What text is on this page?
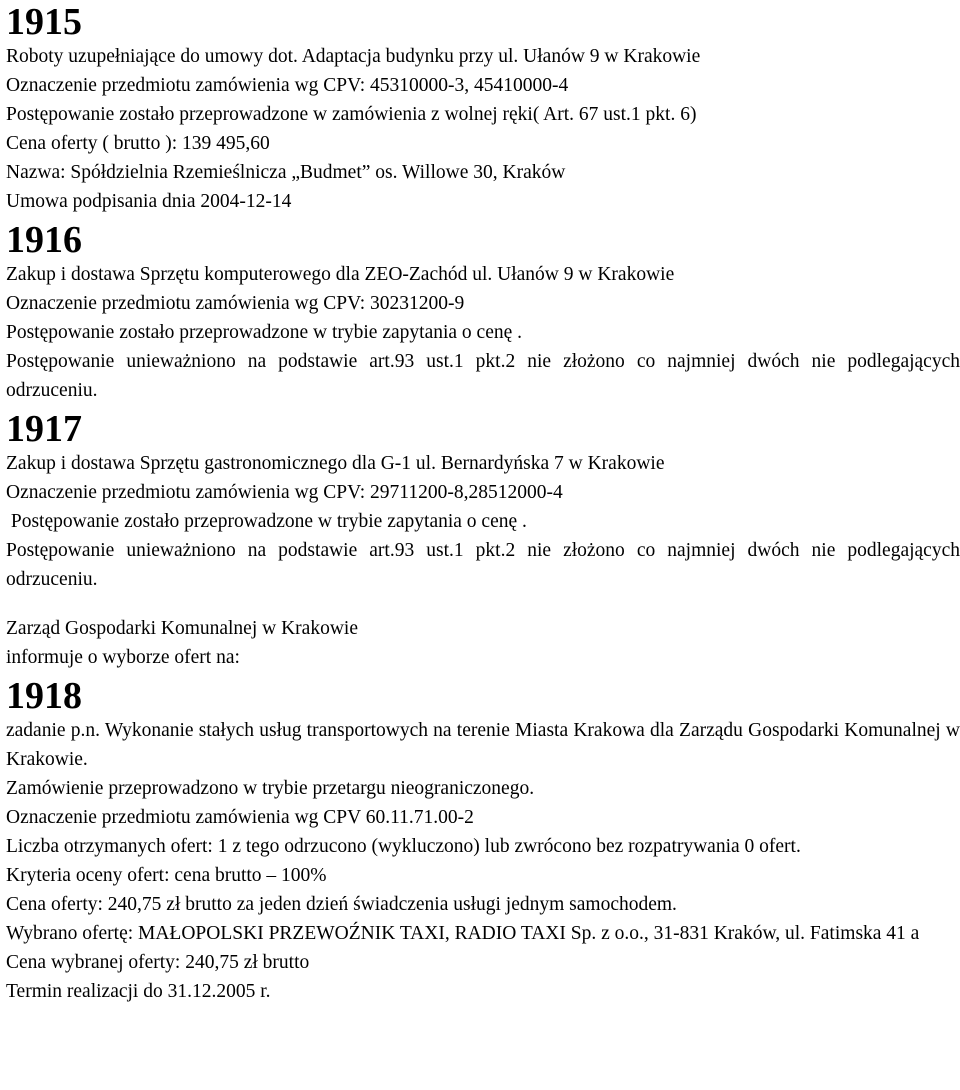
1915

Roboty uzupełniające do umowy dot. Adaptacja budynku przy ul. Ułanów 9 w Krakowie

Oznaczenie przedmiotu zamówienia wg CPV: 45310000-3, 45410000-4

Postępowanie zostało przeprowadzone w zamówienia z wolnej ręki( Art. 67 ust.1 pkt. 6)

Cena oferty ( brutto ): 139 495,60

Nazwa: Spółdzielnia Rzemieślnicza „Budmet” os. Willowe 30, Kraków

Umowa podpisania dnia 2004-12-14

1916

Zakup i dostawa Sprzętu komputerowego dla ZEO-Zachód ul. Ułanów 9 w Krakowie

Oznaczenie przedmiotu zamówienia wg CPV: 30231200-9

Postępowanie zostało przeprowadzone w trybie zapytania o cenę .

Postępowanie unieważniono na podstawie art.93 ust.1 pkt.2 nie złożono co najmniej dwóch nie podlegających odrzuceniu.

1917

Zakup i dostawa Sprzętu gastronomicznego dla G-1 ul. Bernardyńska 7 w Krakowie

Oznaczenie przedmiotu zamówienia wg CPV: 29711200-8,28512000-4

Postępowanie zostało przeprowadzone w trybie zapytania o cenę .

Postępowanie unieważniono na podstawie art.93 ust.1 pkt.2 nie złożono co najmniej dwóch nie podlegających odrzuceniu.

Zarząd Gospodarki Komunalnej w Krakowie

informuje o wyborze ofert na:

1918

zadanie p.n. Wykonanie stałych usług transportowych na terenie Miasta Krakowa dla Zarządu Gospodarki Komunalnej w Krakowie.

Zamówienie przeprowadzono w trybie przetargu nieograniczonego.

Oznaczenie przedmiotu zamówienia wg CPV 60.11.71.00-2

Liczba otrzymanych ofert: 1 z tego odrzucono (wykluczono) lub zwrócono bez rozpatrywania 0 ofert.

Kryteria oceny ofert: cena brutto – 100%

Cena oferty: 240,75 zł brutto za jeden dzień świadczenia usługi jednym samochodem.

Wybrano ofertę: MAŁOPOLSKI PRZEWOŹNIK TAXI, RADIO TAXI Sp. z o.o., 31-831 Kraków, ul. Fatimska 41 a

Cena wybranej oferty: 240,75 zł brutto

Termin realizacji do 31.12.2005 r.
